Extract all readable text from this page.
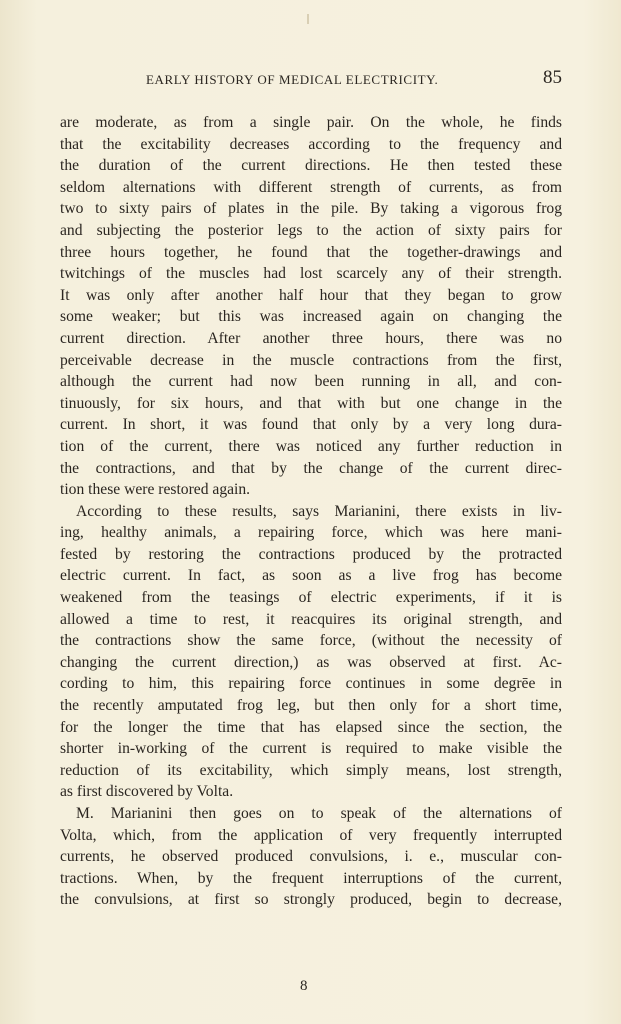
EARLY HISTORY OF MEDICAL ELECTRICITY.	85
are moderate, as from a single pair. On the whole, he finds
that the excitability decreases according to the frequency and
the duration of the current directions. He then tested these
seldom alternations with different strength of currents, as from
two to sixty pairs of plates in the pile. By taking a vigorous frog
and subjecting the posterior legs to the action of sixty pairs for
three hours together, he found that the together-drawings and
twitchings of the muscles had lost scarcely any of their strength.
It was only after another half hour that they began to grow
some weaker; but this was increased again on changing the
current direction. After another three hours, there was no
perceivable decrease in the muscle contractions from the first,
although the current had now been running in all, and con-
tinuously, for six hours, and that with but one change in the
current. In short, it was found that only by a very long dura-
tion of the current, there was noticed any further reduction in
the contractions, and that by the change of the current direc-
tion these were restored again.
According to these results, says Marianini, there exists in liv-
ing, healthy animals, a repairing force, which was here mani-
fested by restoring the contractions produced by the protracted
electric current. In fact, as soon as a live frog has become
weakened from the teasings of electric experiments, if it is
allowed a time to rest, it reacquires its original strength, and
the contractions show the same force, (without the necessity of
changing the current direction,) as was observed at first. Ac-
cording to him, this repairing force continues in some degrēe in
the recently amputated frog leg, but then only for a short time,
for the longer the time that has elapsed since the section, the
shorter in-working of the current is required to make visible the
reduction of its excitability, which simply means, lost strength,
as first discovered by Volta.
M. Marianini then goes on to speak of the alternations of
Volta, which, from the application of very frequently interrupted
currents, he observed produced convulsions, i. e., muscular con-
tractions. When, by the frequent interruptions of the current,
the convulsions, at first so strongly produced, begin to decrease,
8
